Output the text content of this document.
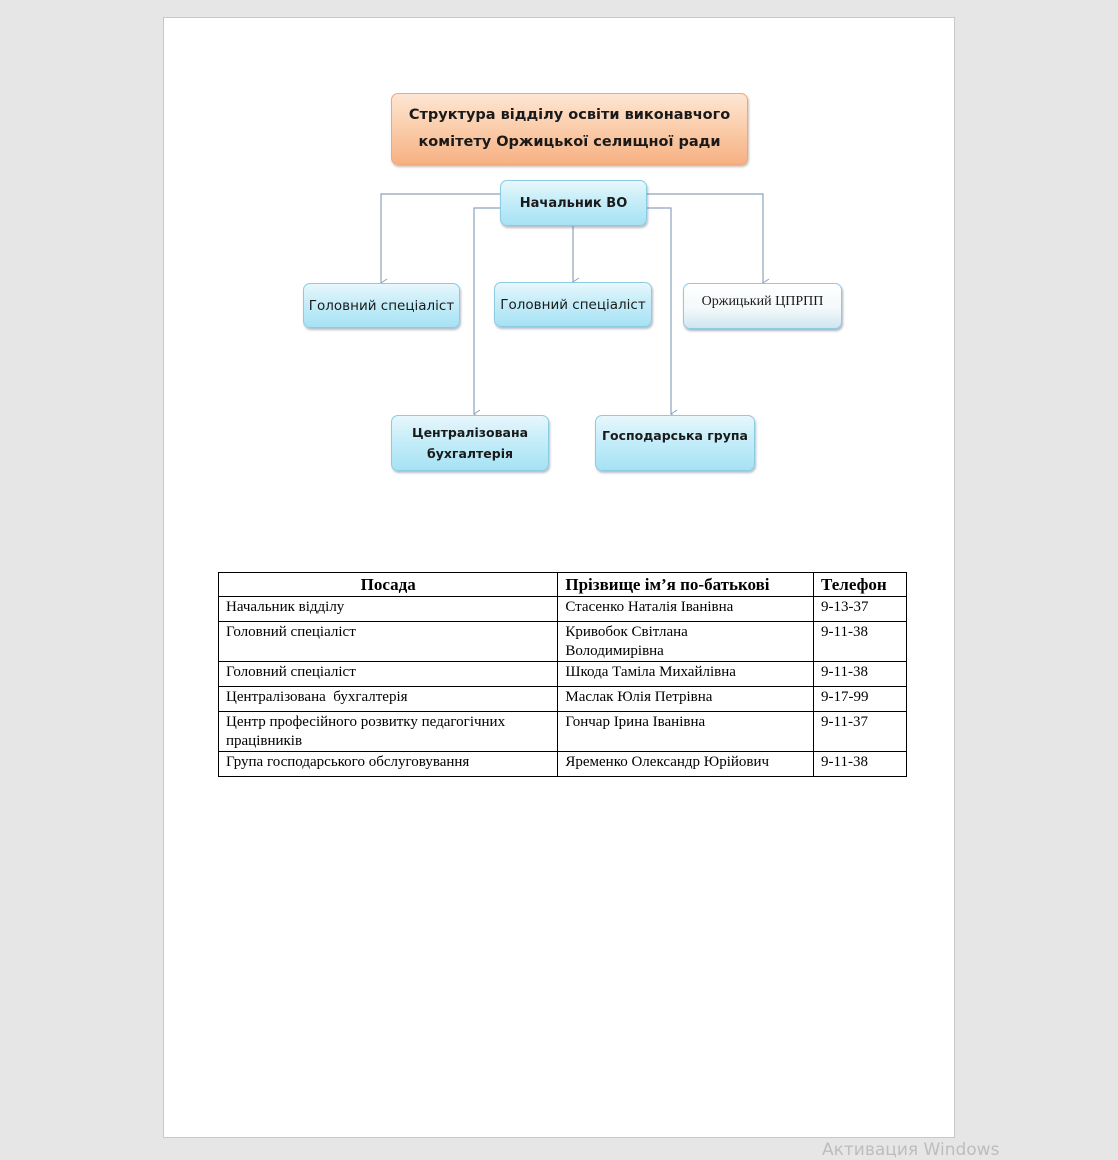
Структура відділу освіти виконавчого
комітету Оржицької селищної ради
Начальник ВО
Головний спеціаліст	Головний спеціаліст	Оржицький ЦПРПП
Централізована
бухгалтерія
Господарська група
Посада	Прізвище ім’я по-батькові	Телефон
Начальник відділу	Стасенко Наталія Іванівна	9-13-37
Головний спеціаліст	Кривобок Світлана Володимирівна	9-11-38
Головний спеціаліст	Шкода Таміла Михайлівна	9-11-38
Централізована  бухгалтерія	Маслак Юлія Петрівна	9-17-99
Центр професійного розвитку педагогічних працівників	Гончар Ірина Іванівна	9-11-37
Група господарського обслуговування	Яременко Олександр Юрійович	9-11-38
Активация Windows
